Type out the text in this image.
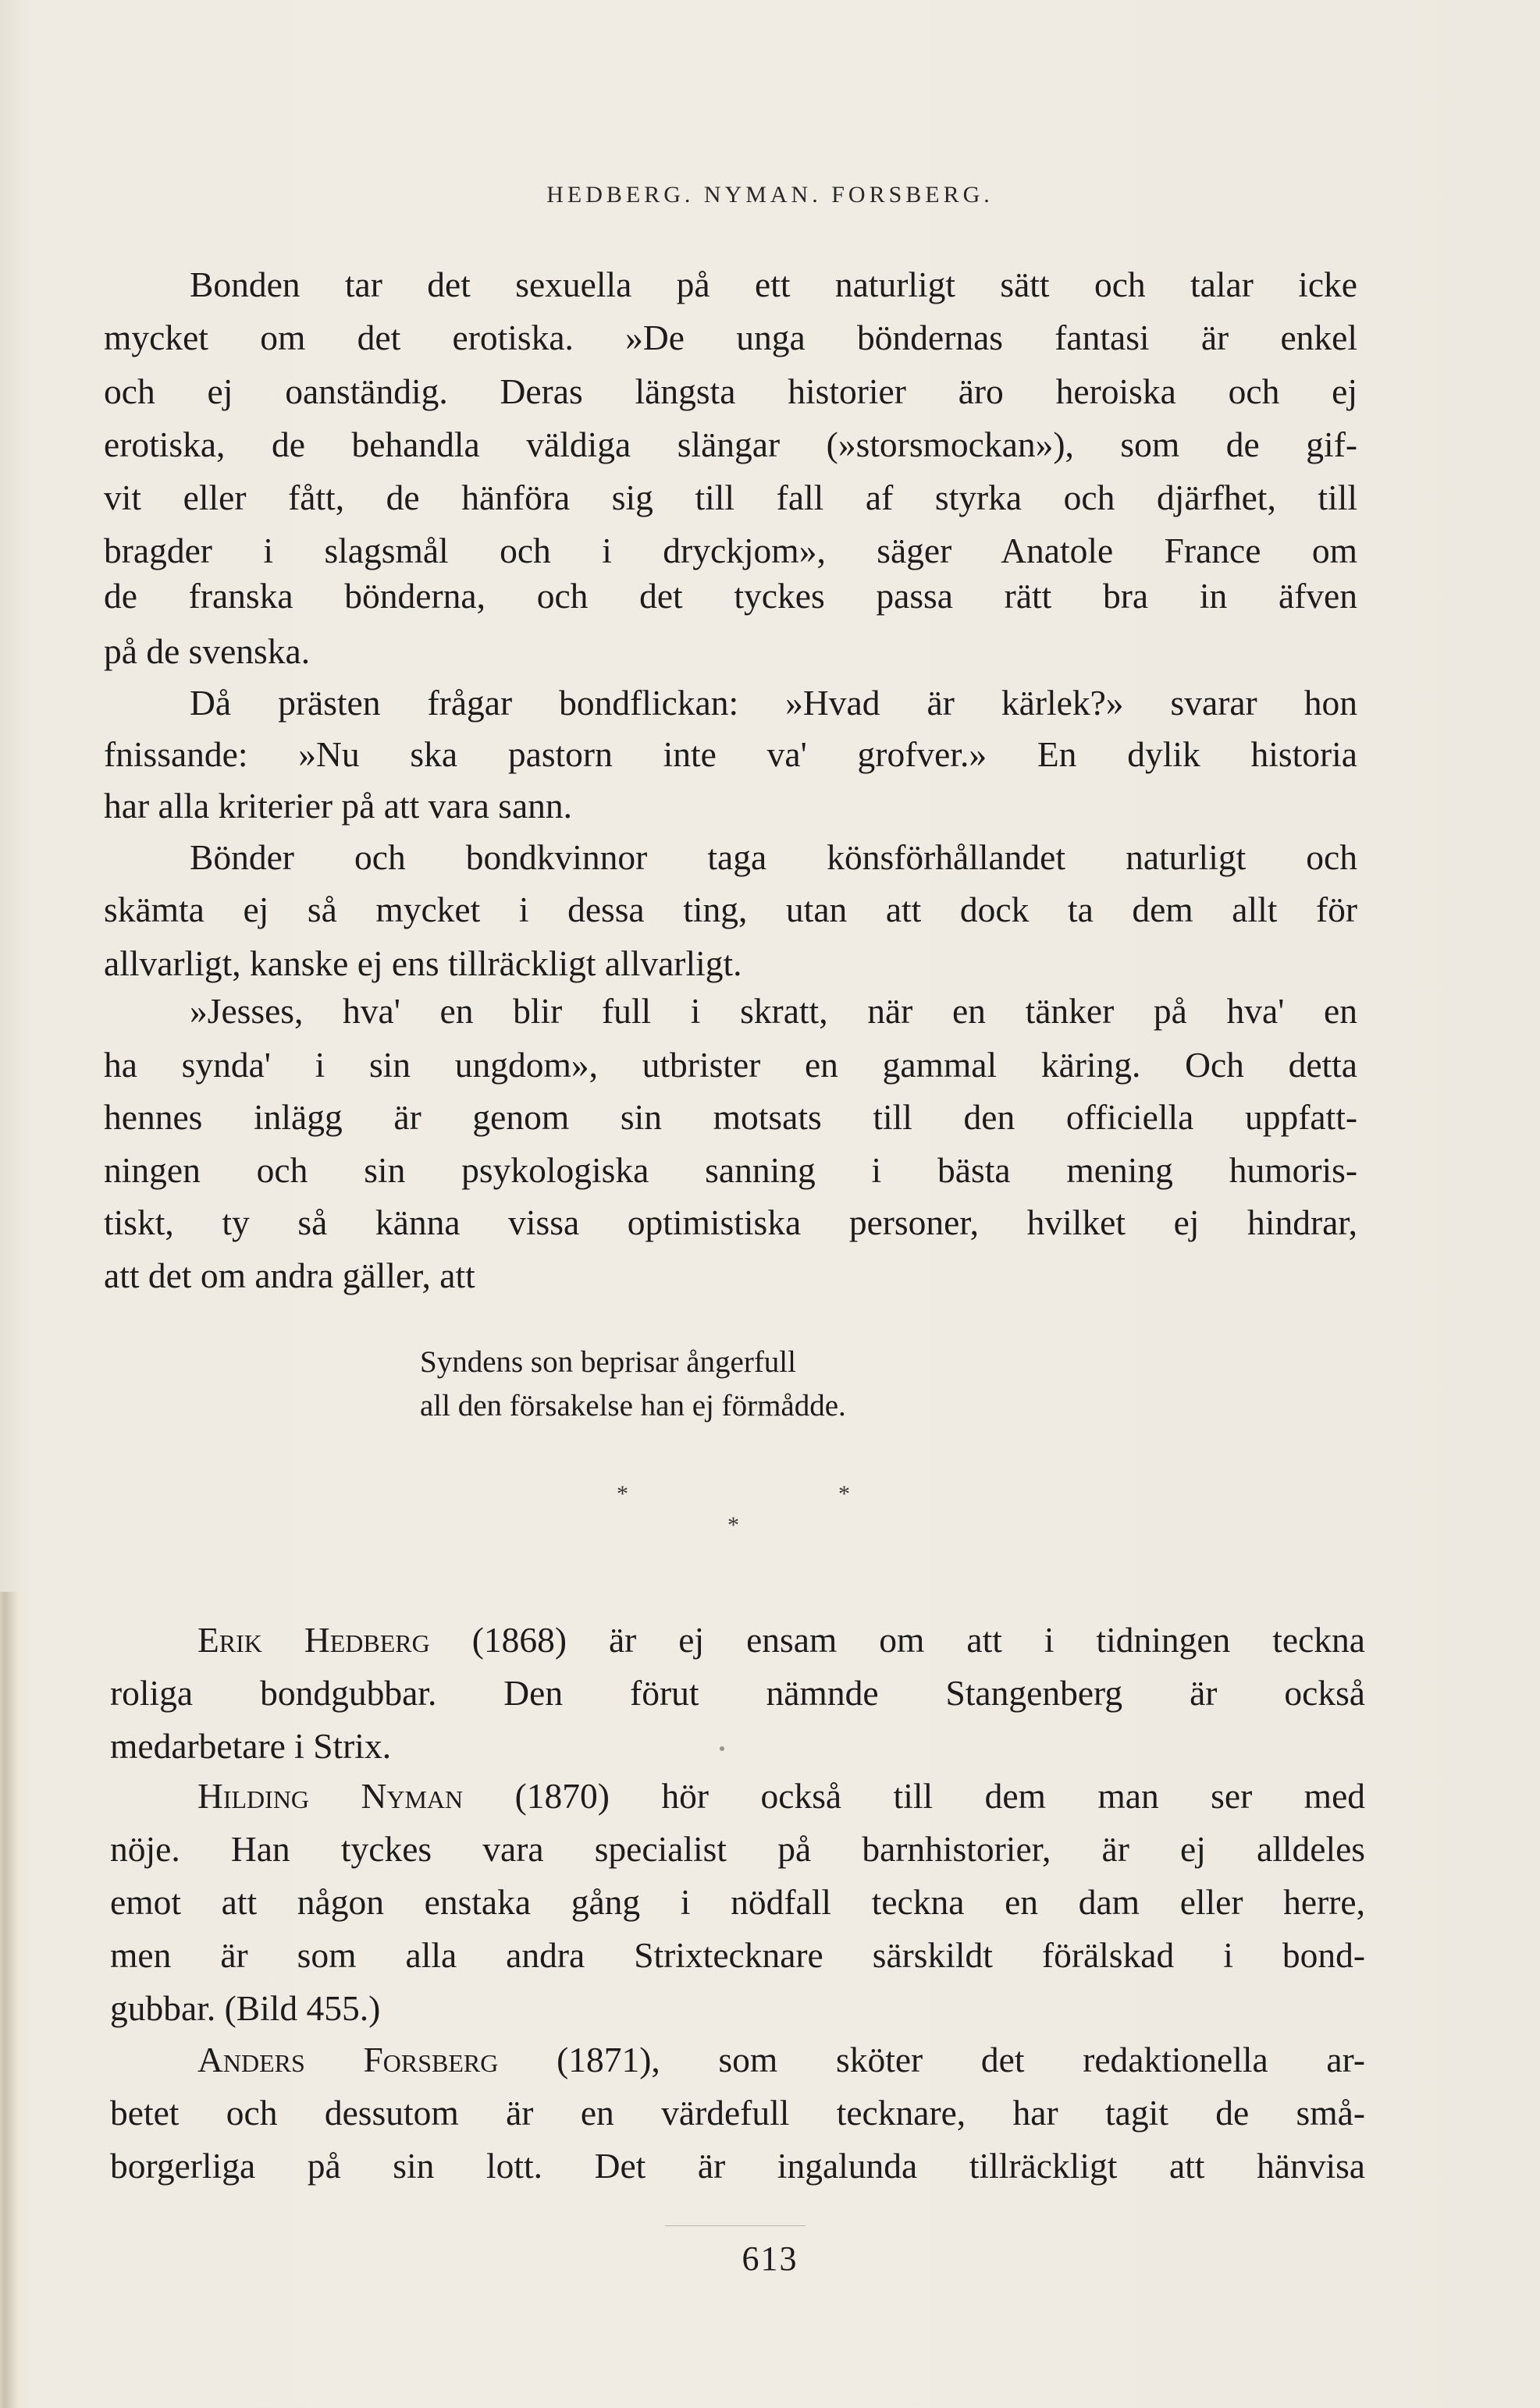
HEDBERG. NYMAN. FORSBERG.
Bonden tar det sexuella på ett naturligt sätt och talar icke
mycket om det erotiska. »De unga böndernas fantasi är enkel
och ej oanständig. Deras längsta historier äro heroiska och ej
erotiska, de behandla väldiga slängar (»storsmockan»), som de gif-
vit eller fått, de hänföra sig till fall af styrka och djärfhet, till
bragder i slagsmål och i dryckjom», säger Anatole France om
de franska bönderna, och det tyckes passa rätt bra in äfven
på de svenska.
Då prästen frågar bondflickan: »Hvad är kärlek?» svarar hon
fnissande: »Nu ska pastorn inte va' grofver.» En dylik historia
har alla kriterier på att vara sann.
Bönder och bondkvinnor taga könsförhållandet naturligt och
skämta ej så mycket i dessa ting, utan att dock ta dem allt för
allvarligt, kanske ej ens tillräckligt allvarligt.
»Jesses, hva' en blir full i skratt, när en tänker på hva' en
ha synda' i sin ungdom», utbrister en gammal käring. Och detta
hennes inlägg är genom sin motsats till den officiella uppfatt-
ningen och sin psykologiska sanning i bästa mening humoris-
tiskt, ty så känna vissa optimistiska personer, hvilket ej hindrar,
att det om andra gäller, att
Syndens son beprisar ångerfull
all den försakelse han ej förmådde.
*	*
*
Erik Hedberg (1868) är ej ensam om att i tidningen teckna
roliga bondgubbar. Den förut nämnde Stangenberg är också
medarbetare i Strix.
Hilding Nyman (1870) hör också till dem man ser med
nöje. Han tyckes vara specialist på barnhistorier, är ej alldeles
emot att någon enstaka gång i nödfall teckna en dam eller herre,
men är som alla andra Strixtecknare särskildt förälskad i bond-
gubbar. (Bild 455.)
Anders Forsberg (1871), som sköter det redaktionella ar-
betet och dessutom är en värdefull tecknare, har tagit de små-
borgerliga på sin lott. Det är ingalunda tillräckligt att hänvisa
613
